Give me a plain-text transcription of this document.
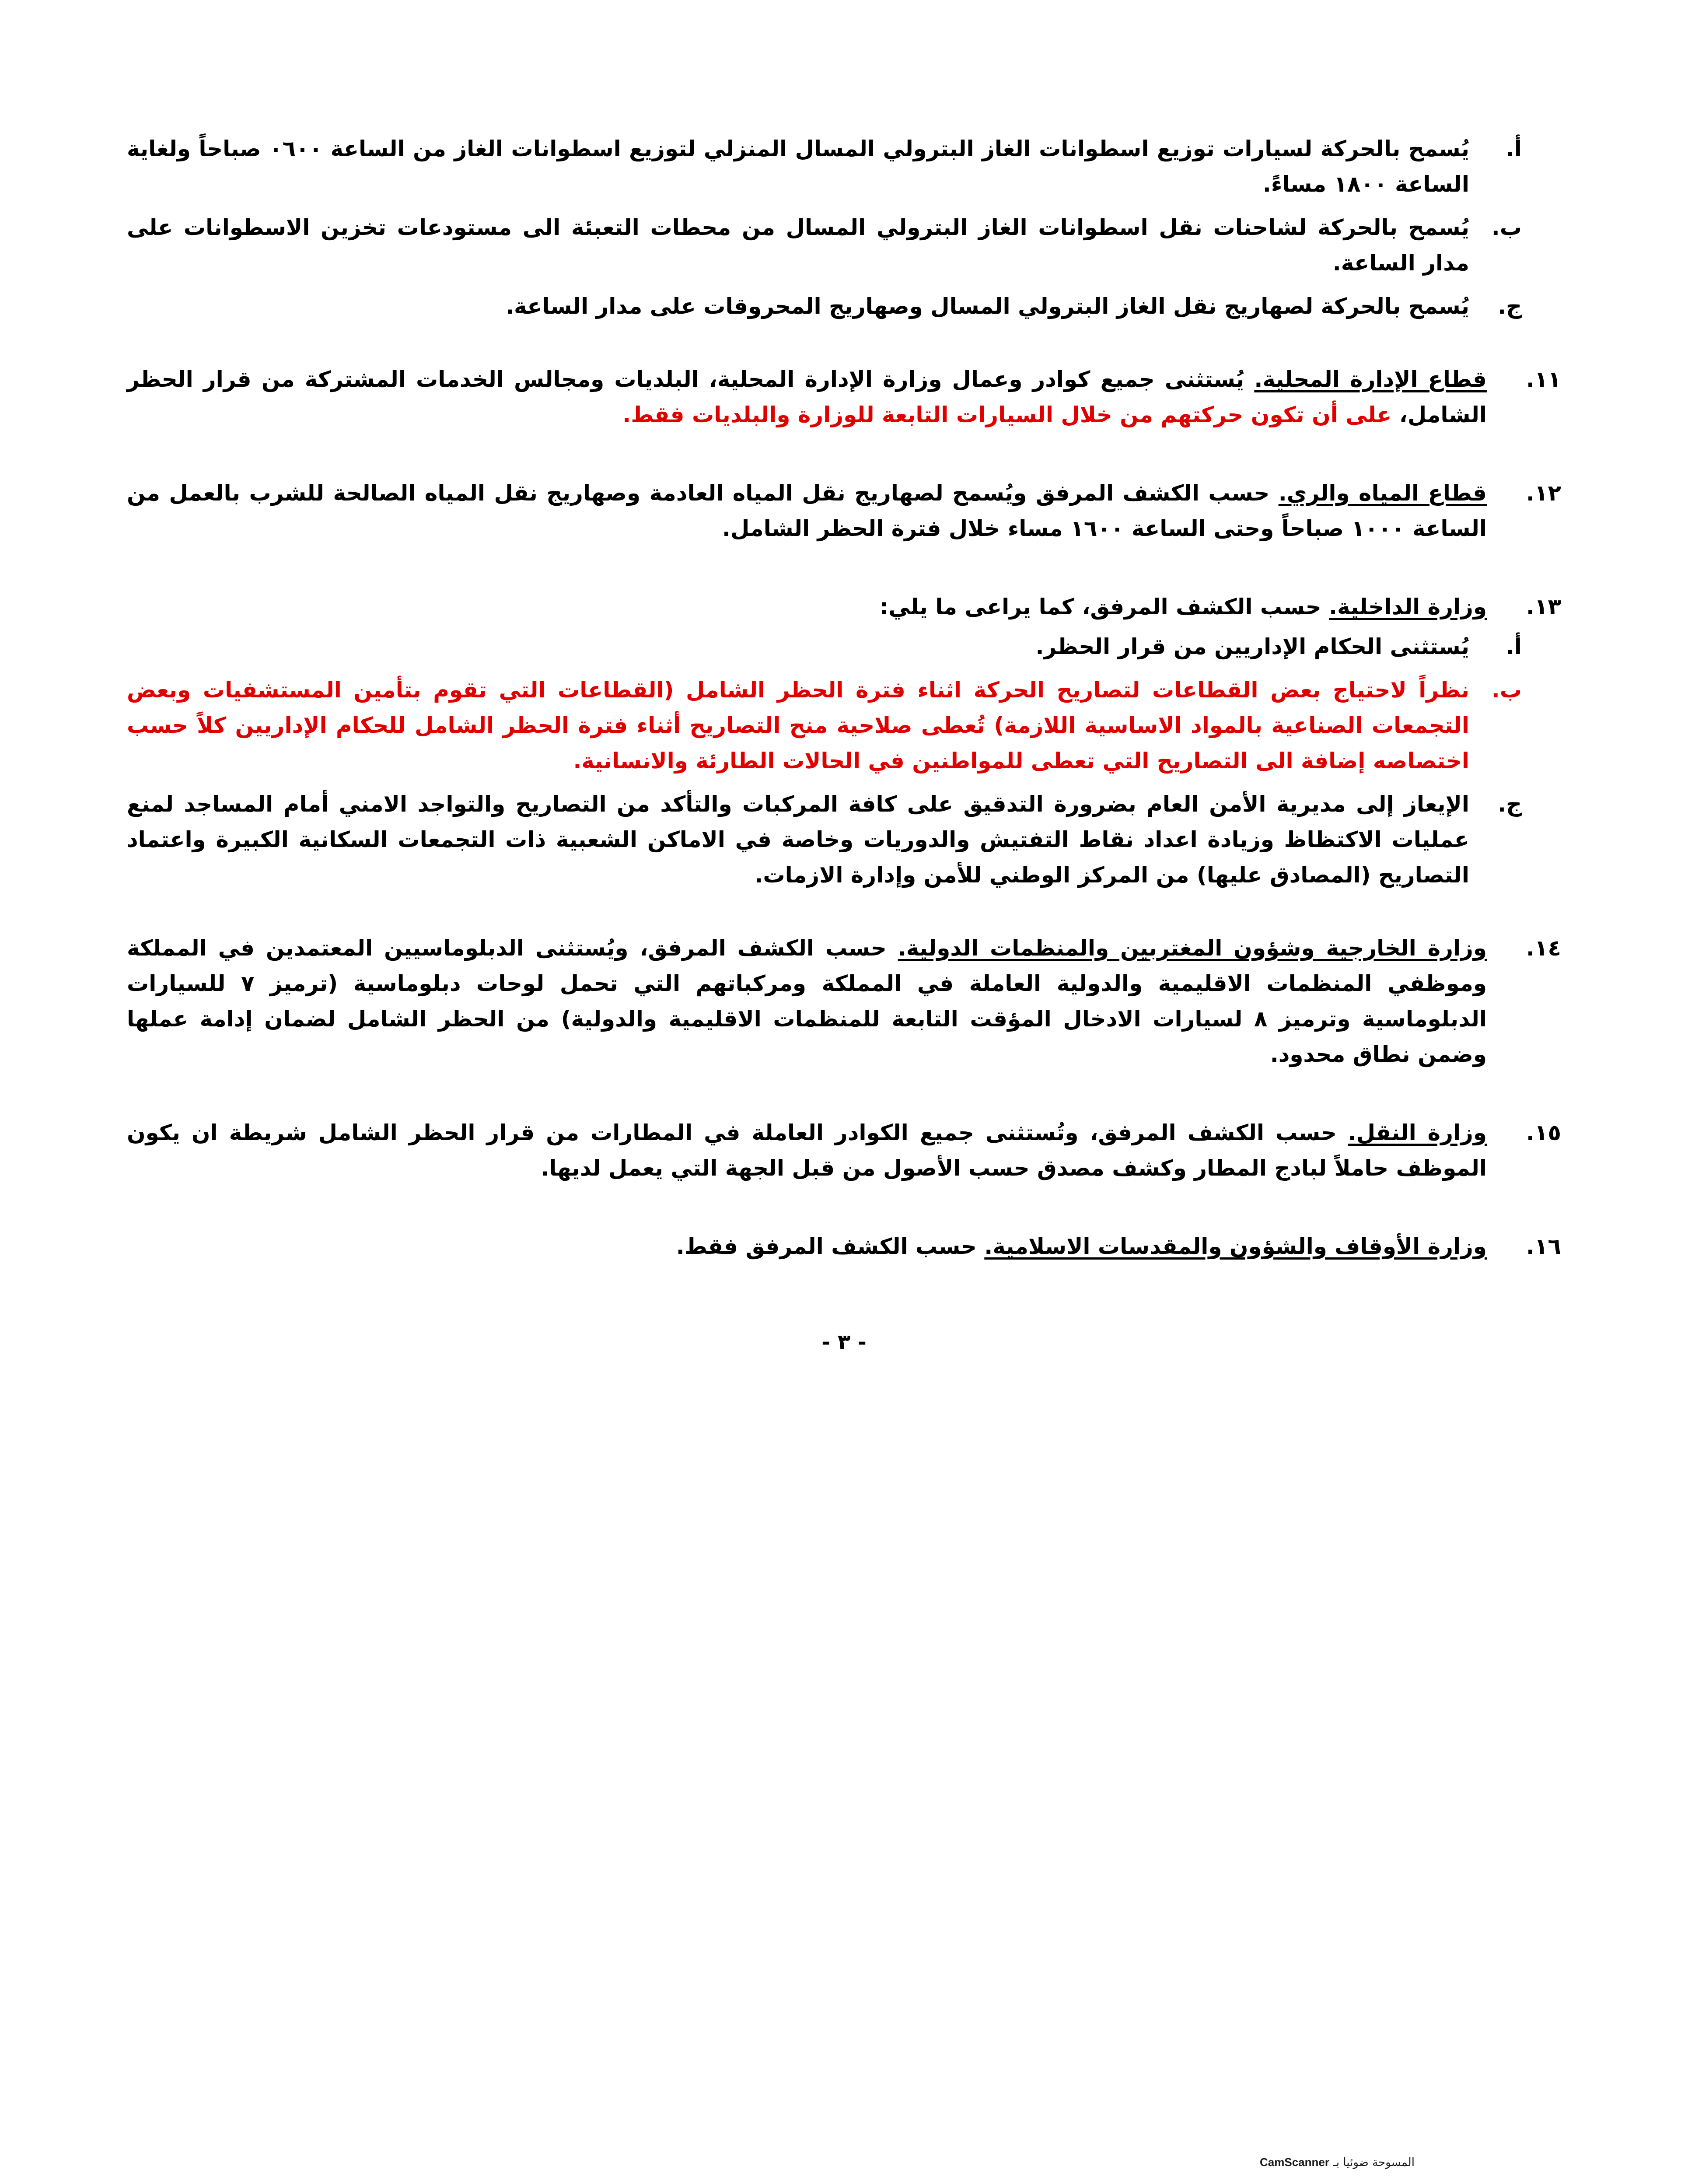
أ.
يُسمح بالحركة لسيارات توزيع اسطوانات الغاز البترولي المسال المنزلي لتوزيع اسطوانات الغاز من الساعة ٠٦٠٠ صباحاً ولغاية الساعة ١٨٠٠ مساءً.
ب.
يُسمح بالحركة لشاحنات نقل اسطوانات الغاز البترولي المسال من محطات التعبئة الى مستودعات تخزين الاسطوانات على مدار الساعة.
ج.
يُسمح بالحركة لصهاريج نقل الغاز البترولي المسال وصهاريج المحروقات على مدار الساعة.
١١.
قطاع الإدارة المحلية. يُستثنى جميع كوادر وعمال وزارة الإدارة المحلية، البلديات ومجالس الخدمات المشتركة من قرار الحظر الشامل، على أن تكون حركتهم من خلال السيارات التابعة للوزارة والبلديات فقط.
١٢.
قطاع المياه والري. حسب الكشف المرفق ويُسمح لصهاريج نقل المياه العادمة وصهاريج نقل المياه الصالحة للشرب بالعمل من الساعة ١٠٠٠ صباحاً وحتى الساعة ١٦٠٠ مساء خلال فترة الحظر الشامل.
١٣.
وزارة الداخلية. حسب الكشف المرفق، كما يراعى ما يلي:
أ.
يُستثنى الحكام الإداريين من قرار الحظر.
ب.
نظراً لاحتياج بعض القطاعات لتصاريح الحركة اثناء فترة الحظر الشامل (القطاعات التي تقوم بتأمين المستشفيات وبعض التجمعات الصناعية بالمواد الاساسية اللازمة) تُعطى صلاحية منح التصاريح أثناء فترة الحظر الشامل للحكام الإداريين كلاً حسب اختصاصه إضافة الى التصاريح التي تعطى للمواطنين في الحالات الطارئة والانسانية.
ج.
الإيعاز إلى مديرية الأمن العام بضرورة التدقيق على كافة المركبات والتأكد من التصاريح والتواجد الامني أمام المساجد لمنع عمليات الاكتظاظ وزيادة اعداد نقاط التفتيش والدوريات وخاصة في الاماكن الشعبية ذات التجمعات السكانية الكبيرة واعتماد التصاريح (المصادق عليها) من المركز الوطني للأمن وإدارة الازمات.
١٤.
وزارة الخارجية وشؤون المغتربين والمنظمات الدولية. حسب الكشف المرفق، ويُستثنى الدبلوماسيين المعتمدين في المملكة وموظفي المنظمات الاقليمية والدولية العاملة في المملكة ومركباتهم التي تحمل لوحات دبلوماسية (ترميز ٧ للسيارات الدبلوماسية وترميز ٨ لسيارات الادخال المؤقت التابعة للمنظمات الاقليمية والدولية) من الحظر الشامل لضمان إدامة عملها وضمن نطاق محدود.
١٥.
وزارة النقل. حسب الكشف المرفق، وتُستثنى جميع الكوادر العاملة في المطارات من قرار الحظر الشامل شريطة ان يكون الموظف حاملاً لبادج المطار وكشف مصدق حسب الأصول من قبل الجهة التي يعمل لديها.
١٦.
وزارة الأوقاف والشؤون والمقدسات الاسلامية. حسب الكشف المرفق فقط.
- ٣ -
المسوحة ضوئيا بـ CamScanner
